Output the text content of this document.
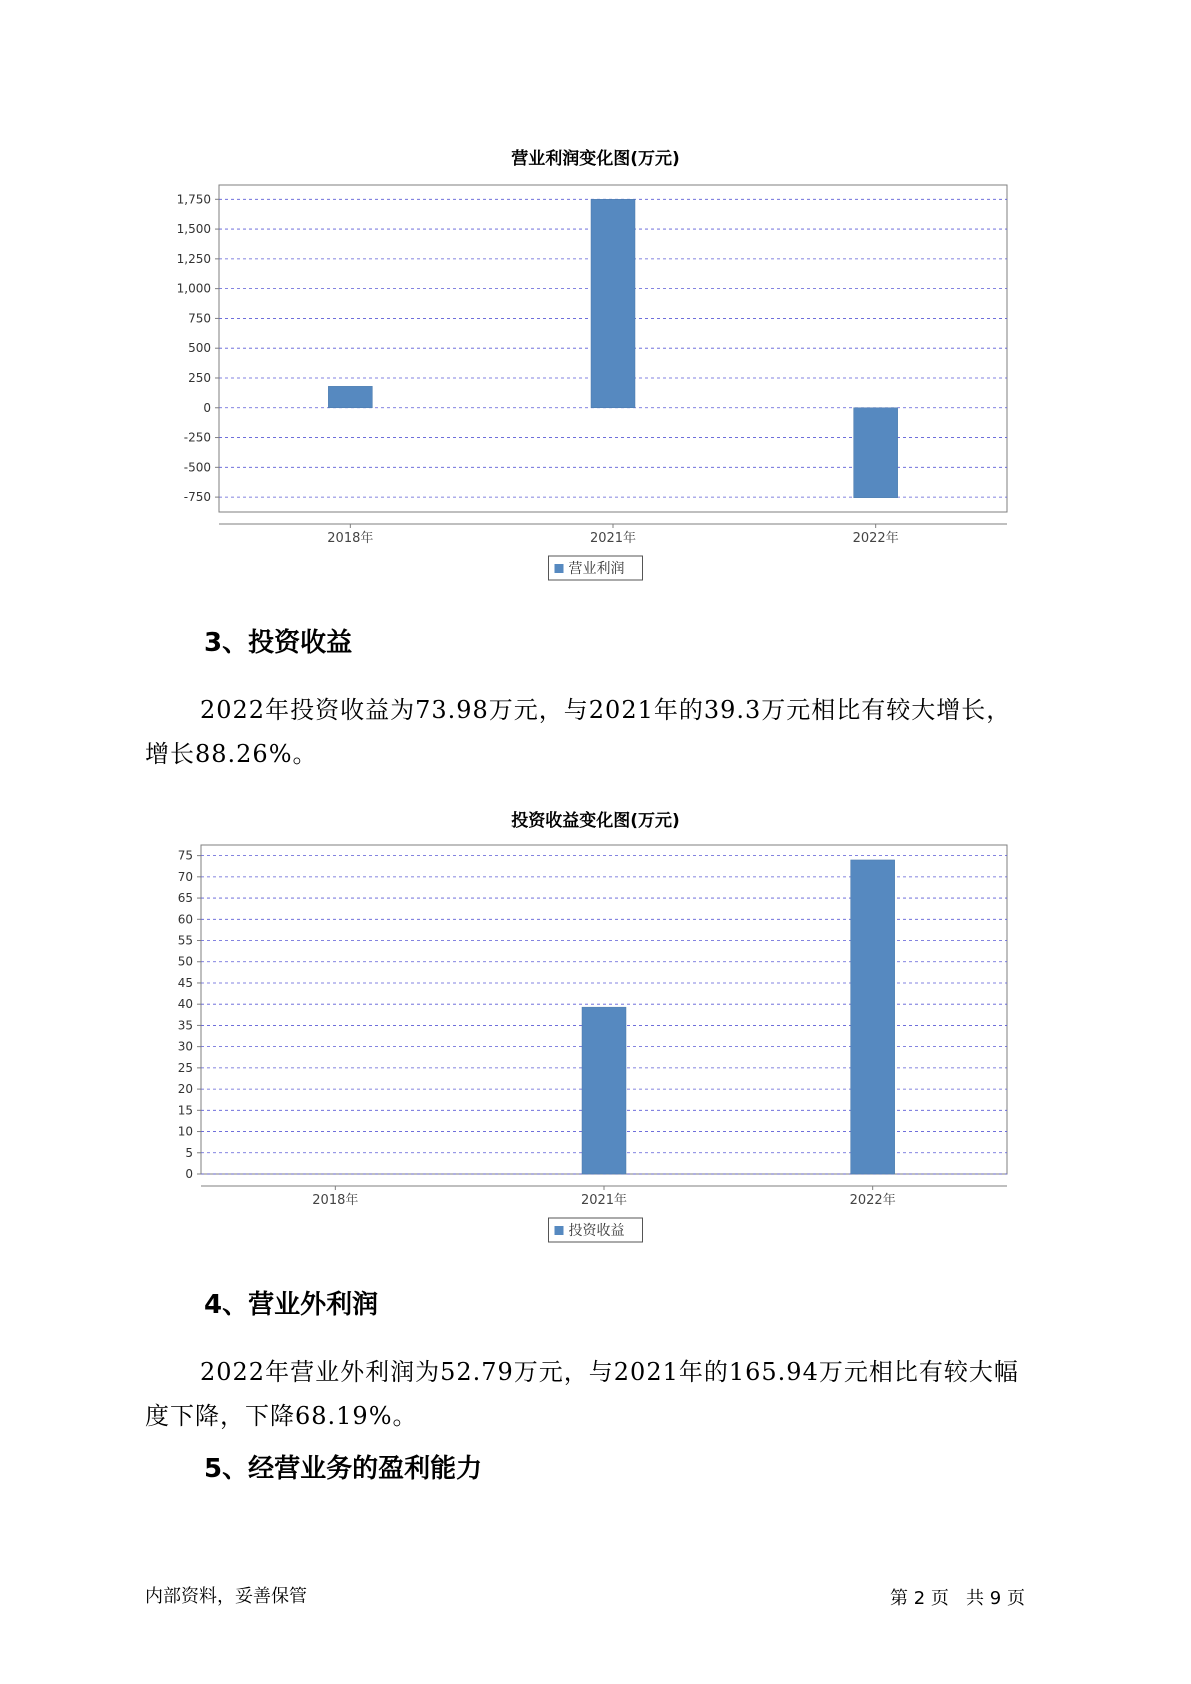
营业利润变化图(万元)
-750
-500
-250
0
250
500
750
1,000
1,250
1,500
1,750
2018年	2021年	2022年
营业利润
3、投资收益
2022年投资收益为73.98万元，与2021年的39.3万元相比有较大增长，
增长88.26%。
投资收益变化图(万元)
0
5
10
15
20
25
30
35
40
45
50
55
60
65
70
75
2018年	2021年	2022年
投资收益
4、营业外利润
2022年营业外利润为52.79万元，与2021年的165.94万元相比有较大幅
度下降，下降68.19%。
5、经营业务的盈利能力
内部资料，妥善保管	第 2 页   共 9 页
